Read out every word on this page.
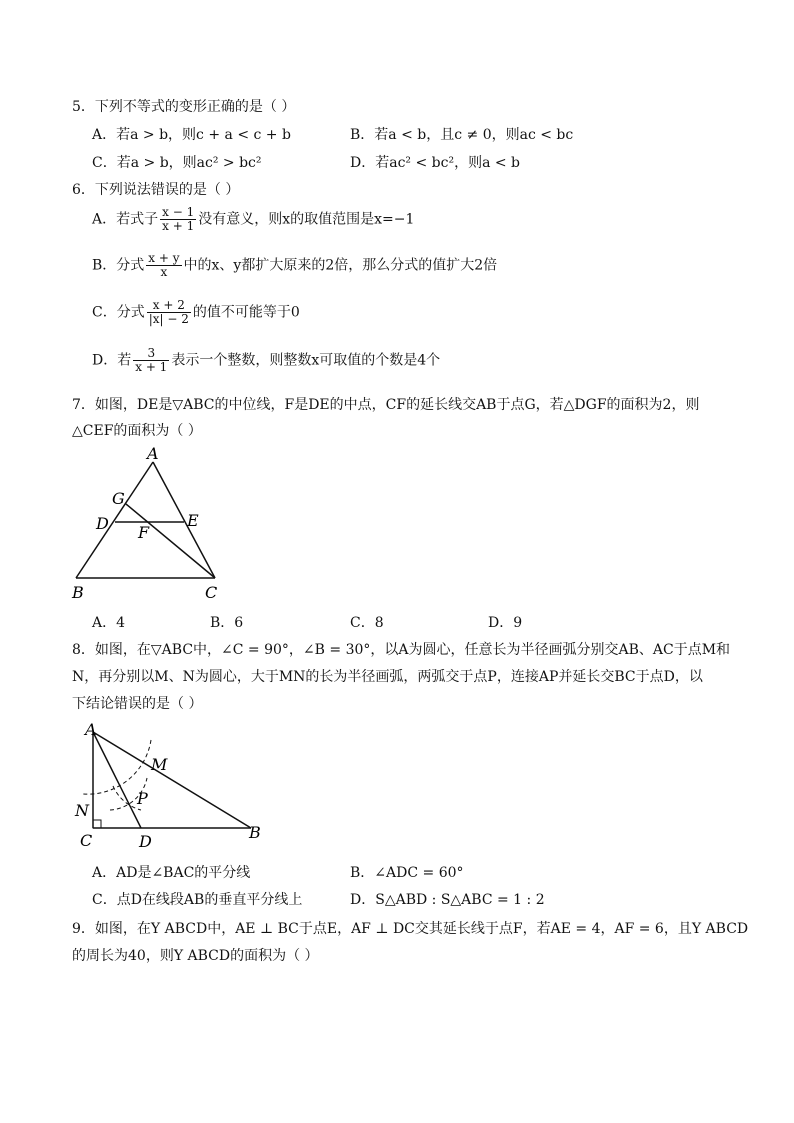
5．下列不等式的变形正确的是（ ）
A．若a > b，则c + a < c + b	B．若a < b，且c ≠ 0，则ac < bc
C．若a > b，则ac² > bc²	D．若ac² < bc²，则a < b
6．下列说法错误的是（ ）
A．若式子 $\frac{x - 1}{x + 1}$ 没有意义，则x的取值范围是x=−1
B．分式 $\frac{x + y}{x}$ 中的x、y都扩大原来的2倍，那么分式的值扩大2倍
C．分式 $\frac{x + 2}{|x| - 2}$ 的值不可能等于0
D．若 $\frac{3}{x + 1}$ 表示一个整数，则整数x可取值的个数是4个
7．如图，DE是▽ABC的中位线，F是DE的中点，CF的延长线交AB于点G，若△DGF的面积为2，则
△CEF的面积为（ ）
A
G
D	E
F
B	C
A．4	B．6	C．8	D．9
8．如图，在▽ABC中，∠C = 90°，∠B = 30°，以A为圆心，任意长为半径画弧分别交AB、AC于点M和
N，再分别以M、N为圆心，大于MN的长为半径画弧，两弧交于点P，连接AP并延长交BC于点D，以
下结论错误的是（ ）
A
M
N
P
C	D	B
A．AD是∠BAC的平分线	B．∠ADC = 60°
C．点D在线段AB的垂直平分线上	D．S△ABD : S△ABC = 1 : 2
9．如图，在Y ABCD中，AE ⊥ BC于点E，AF ⊥ DC交其延长线于点F，若AE = 4，AF = 6，且Y ABCD
的周长为40，则Y ABCD的面积为（ ）
